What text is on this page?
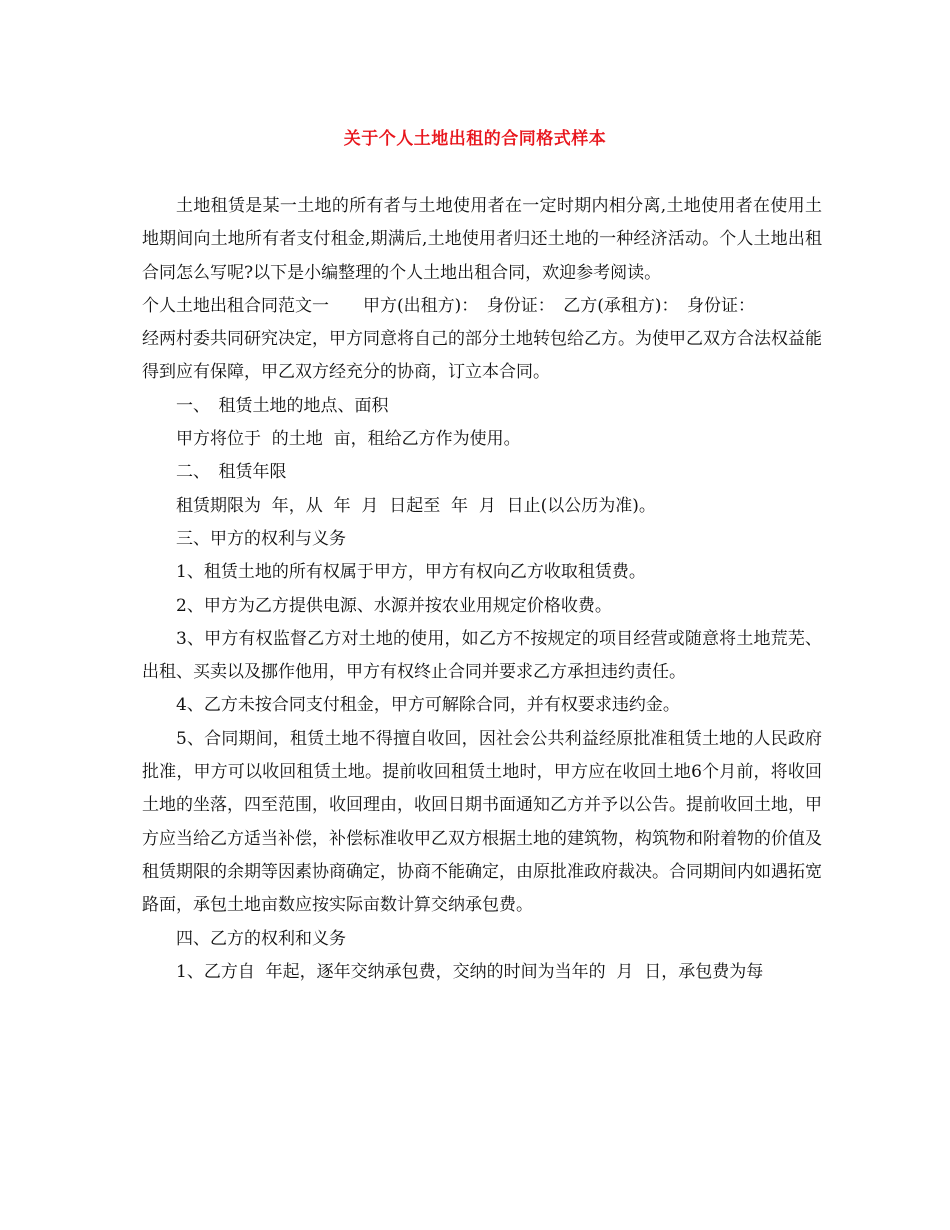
关于个人土地出租的合同格式样本

土地租赁是某一土地的所有者与土地使用者在一定时期内相分离,土地使用者在使用土地期间向土地所有者支付租金,期满后,土地使用者归还土地的一种经济活动。个人土地出租合同怎么写呢?以下是小编整理的个人土地出租合同，欢迎参考阅读。

个人土地出租合同范文一　　甲方(出租方)：　身份证：　乙方(承租方)：　身份证：

经两村委共同研究决定，甲方同意将自己的部分土地转包给乙方。为使甲乙双方合法权益能得到应有保障，甲乙双方经充分的协商，订立本合同。

一、　租赁土地的地点、面积

甲方将位于  的土地  亩，租给乙方作为使用。

二、　租赁年限

租赁期限为  年，从  年  月  日起至  年  月  日止(以公历为准)。

三、甲方的权利与义务

1、租赁土地的所有权属于甲方，甲方有权向乙方收取租赁费。

2、甲方为乙方提供电源、水源并按农业用规定价格收费。

3、甲方有权监督乙方对土地的使用，如乙方不按规定的项目经营或随意将土地荒芜、出租、买卖以及挪作他用，甲方有权终止合同并要求乙方承担违约责任。

4、乙方未按合同支付租金，甲方可解除合同，并有权要求违约金。

5、合同期间，租赁土地不得擅自收回，因社会公共利益经原批准租赁土地的人民政府批准，甲方可以收回租赁土地。提前收回租赁土地时，甲方应在收回土地6个月前，将收回土地的坐落，四至范围，收回理由，收回日期书面通知乙方并予以公告。提前收回土地，甲方应当给乙方适当补偿，补偿标准收甲乙双方根据土地的建筑物，构筑物和附着物的价值及租赁期限的余期等因素协商确定，协商不能确定，由原批准政府裁决。合同期间内如遇拓宽路面，承包土地亩数应按实际亩数计算交纳承包费。

四、乙方的权利和义务

1、乙方自  年起，逐年交纳承包费，交纳的时间为当年的  月  日，承包费为每
